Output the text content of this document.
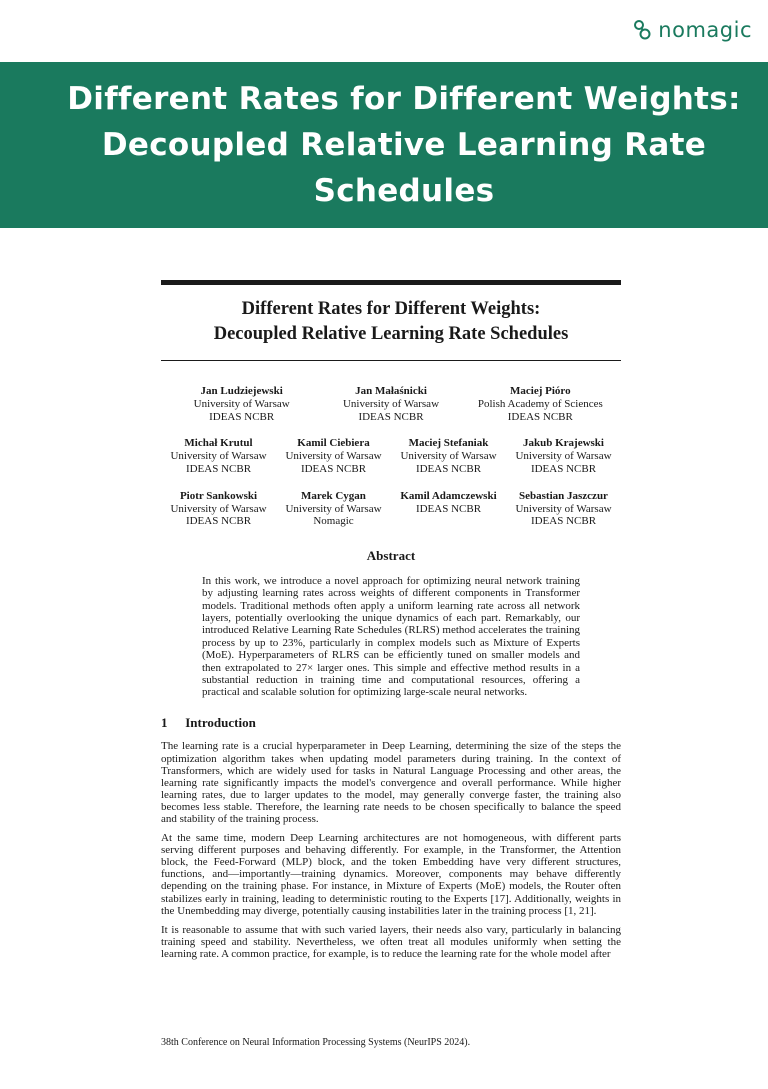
nomagic
Different Rates for Different Weights:
Decoupled Relative Learning Rate
Schedules
Different Rates for Different Weights:
Decoupled Relative Learning Rate Schedules
Jan Ludziejewski
University of Warsaw
IDEAS NCBR
Jan Małaśnicki
University of Warsaw
IDEAS NCBR
Maciej Pióro
Polish Academy of Sciences
IDEAS NCBR
Michał Krutul
University of Warsaw
IDEAS NCBR
Kamil Ciebiera
University of Warsaw
IDEAS NCBR
Maciej Stefaniak
University of Warsaw
IDEAS NCBR
Jakub Krajewski
University of Warsaw
IDEAS NCBR
Piotr Sankowski
University of Warsaw
IDEAS NCBR
Marek Cygan
University of Warsaw
Nomagic
Kamil Adamczewski
IDEAS NCBR
Sebastian Jaszczur
University of Warsaw
IDEAS NCBR
Abstract
In this work, we introduce a novel approach for optimizing neural network training by adjusting learning rates across weights of different components in Transformer models. Traditional methods often apply a uniform learning rate across all network layers, potentially overlooking the unique dynamics of each part. Remarkably, our introduced Relative Learning Rate Schedules (RLRS) method accelerates the training process by up to 23%, particularly in complex models such as Mixture of Experts (MoE). Hyperparameters of RLRS can be efficiently tuned on smaller models and then extrapolated to 27× larger ones. This simple and effective method results in a substantial reduction in training time and computational resources, offering a practical and scalable solution for optimizing large-scale neural networks.
1 Introduction

The learning rate is a crucial hyperparameter in Deep Learning, determining the size of the steps the optimization algorithm takes when updating model parameters during training. In the context of Transformers, which are widely used for tasks in Natural Language Processing and other areas, the learning rate significantly impacts the model's convergence and overall performance. While higher learning rates, due to larger updates to the model, may generally converge faster, the training also becomes less stable. Therefore, the learning rate needs to be chosen specifically to balance the speed and stability of the training process.

At the same time, modern Deep Learning architectures are not homogeneous, with different parts serving different purposes and behaving differently. For example, in the Transformer, the Attention block, the Feed-Forward (MLP) block, and the token Embedding have very different structures, functions, and—importantly—training dynamics. Moreover, components may behave differently depending on the training phase. For instance, in Mixture of Experts (MoE) models, the Router often stabilizes early in training, leading to deterministic routing to the Experts [17]. Additionally, weights in the Unembedding may diverge, potentially causing instabilities later in the training process [1, 21].

It is reasonable to assume that with such varied layers, their needs also vary, particularly in balancing training speed and stability. Nevertheless, we often treat all modules uniformly when setting the learning rate. A common practice, for example, is to reduce the learning rate for the whole model after

38th Conference on Neural Information Processing Systems (NeurIPS 2024).
